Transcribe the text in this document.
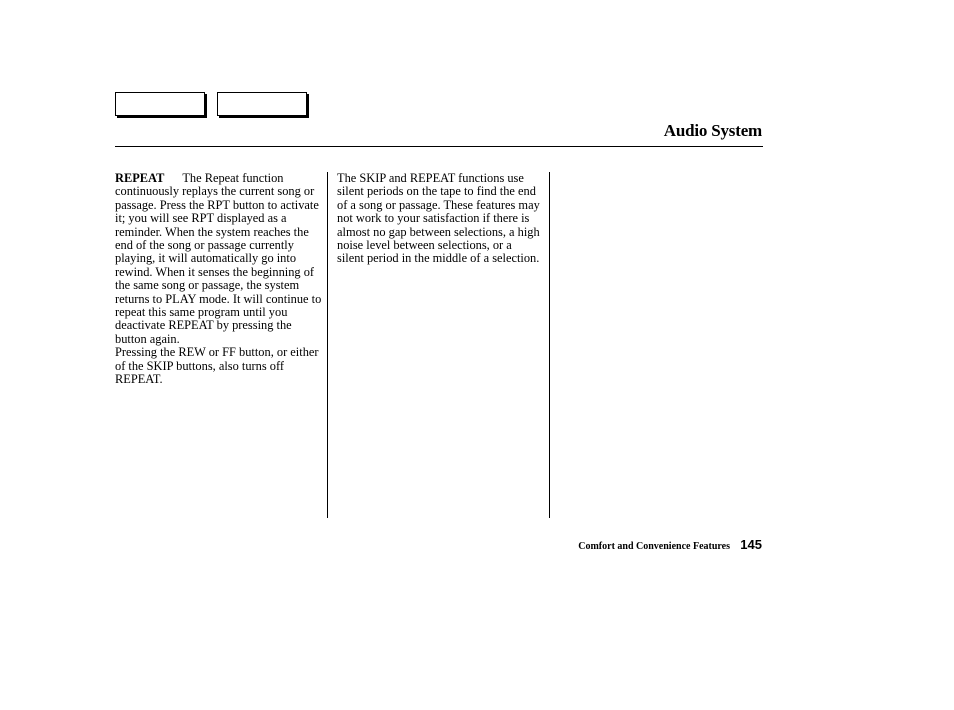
Audio System

REPEAT The Repeat function continuously replays the current song or passage. Press the RPT button to activate it; you will see RPT displayed as a reminder. When the system reaches the end of the song or passage currently playing, it will automatically go into rewind. When it senses the beginning of the same song or passage, the system returns to PLAY mode. It will continue to repeat this same program until you deactivate REPEAT by pressing the button again.

Pressing the REW or FF button, or either of the SKIP buttons, also turns off REPEAT.

The SKIP and REPEAT functions use silent periods on the tape to find the end of a song or passage. These features may not work to your satisfaction if there is almost no gap between selections, a high noise level between selections, or a silent period in the middle of a selection.

Comfort and Convenience Features 145
